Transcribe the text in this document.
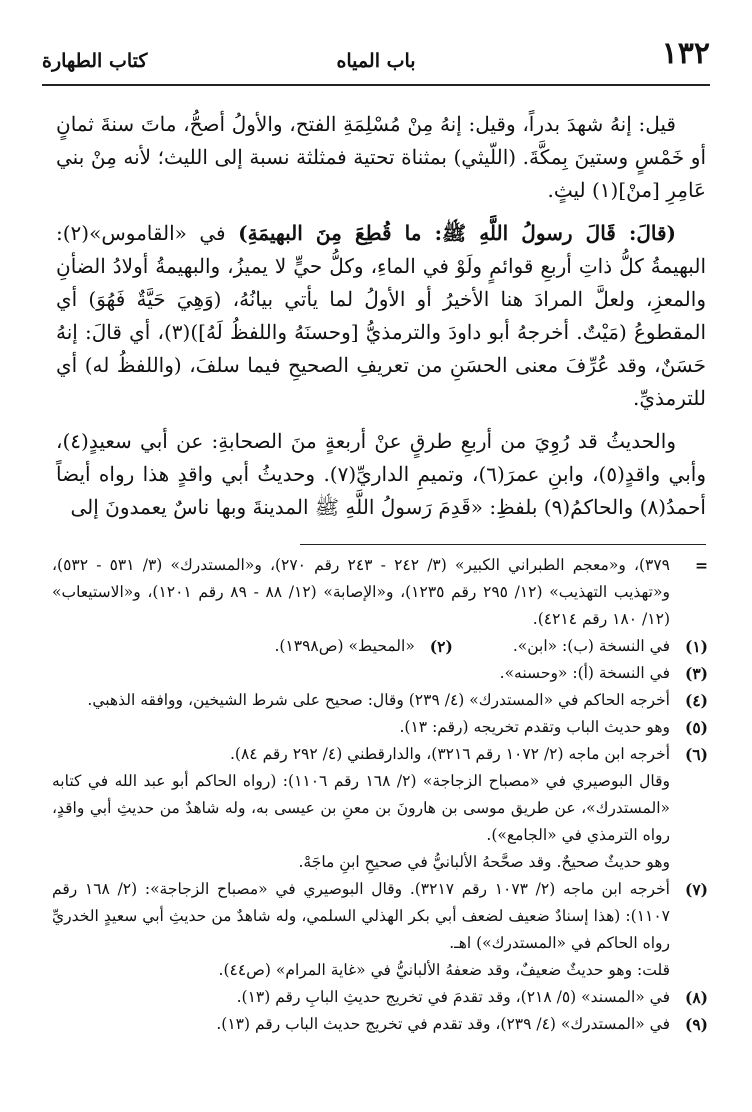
١٣٢
باب المياه
كتاب الطهارة

قيل: إنهُ شهدَ بدراً، وقيل: إنهُ مِنْ مُسْلِمَةِ الفتح، والأولُ أصحُّ، ماتَ سنةَ ثمانٍ أو خَمْسٍ وستينَ بِمكَّةَ. (اللّيثي) بمثناة تحتية فمثلثة نسبة إلى الليث؛ لأنه مِنْ بني عَامِرِ [منْ](١) ليثٍ.

(قالَ: قَالَ رسولُ اللَّهِ ﷺ: ما قُطِعَ مِنَ البهيمَةِ) في «القاموس»(٢): البهيمةُ كلُّ ذاتِ أربعِ قوائمٍ ولَوْ في الماءِ، وكلُّ حيٍّ لا يميزُ، والبهيمةُ أولادُ الضأنِ والمعزِ، ولعلَّ المرادَ هنا الأخيرُ أو الأولُ لما يأتي بيانُهُ، (وَهِيَ حَيَّةٌ فَهُوَ) أي المقطوعُ (مَيْتٌ. أخرجهُ أبو داودَ والترمذيُّ [وحسنَهُ واللفظُ لَهُ])(٣)، أي قالَ: إنهُ حَسَنٌ، وقد عُرِّفَ معنى الحسَنِ من تعريفِ الصحيحِ فيما سلفَ، (واللفظُ له) أي للترمذيِّ.

والحديثُ قد رُوِيَ من أربعِ طرقٍ عنْ أربعةٍ منَ الصحابةِ: عن أبي سعيدٍ(٤)، وأبي واقدٍ(٥)، وابنِ عمرَ(٦)، وتميمِ الداريِّ(٧). وحديثُ أبي واقدٍ هذا رواه أيضاً أحمدُ(٨) والحاكمُ(٩) بلفظِ: «قَدِمَ رَسولُ اللَّهِ ﷺ المدينةَ وبها ناسٌ يعمدونَ إلى

=
٣٧٩)، و«معجم الطبراني الكبير» (٣/ ٢٤٢ - ٢٤٣ رقم ٢٧٠)، و«المستدرك» (٣/ ٥٣١ - ٥٣٢)، و«تهذيب التهذيب» (١٢/ ٢٩٥ رقم ١٢٣٥)، و«الإصابة» (١٢/ ٨٨ - ٨٩ رقم ١٢٠١)، و«الاستيعاب» (١٢/ ١٨٠ رقم ٤٢١٤).
(١)
في النسخة (ب): «ابن».
(٢)
«المحيط» (ص١٣٩٨).
(٣)
في النسخة (أ): «وحسنه».
(٤)
أخرجه الحاكم في «المستدرك» (٤/ ٢٣٩) وقال: صحيح على شرط الشيخين، ووافقه الذهبي.
(٥)
وهو حديث الباب وتقدم تخريجه (رقم: ١٣).
(٦)
أخرجه ابن ماجه (٢/ ١٠٧٢ رقم ٣٢١٦)، والدارقطني (٤/ ٢٩٢ رقم ٨٤).
وقال البوصيري في «مصباح الزجاجة» (٢/ ١٦٨ رقم ١١٠٦): (رواه الحاكم أبو عبد الله في كتابه «المستدرك»، عن طريق موسى بن هارونَ بن معنِ بن عيسى به، وله شاهدٌ من حديثِ أبي واقدٍ، رواه الترمذي في «الجامع»).
وهو حديثٌ صحيحٌ. وقد صحَّحهُ الألبانيُّ في صحيحِ ابنِ ماجَهْ.
(٧)
أخرجه ابن ماجه (٢/ ١٠٧٣ رقم ٣٢١٧). وقال البوصيري في «مصباح الزجاجة»: (٢/ ١٦٨ رقم ١١٠٧): (هذا إسنادٌ ضعيف لضعف أبي بكر الهذلي السلمي، وله شاهدٌ من حديثِ أبي سعيدٍ الخدريِّ رواه الحاكم في «المستدرك») اهـ.
قلت: وهو حديثٌ ضعيفٌ، وقد ضعفهُ الألبانيُّ في «غاية المرام» (ص٤٤).
(٨)
في «المسند» (٥/ ٢١٨)، وقد تقدمَ في تخريج حديثِ البابِ رقم (١٣).
(٩)
في «المستدرك» (٤/ ٢٣٩)، وقد تقدم في تخريج حديث الباب رقم (١٣).
